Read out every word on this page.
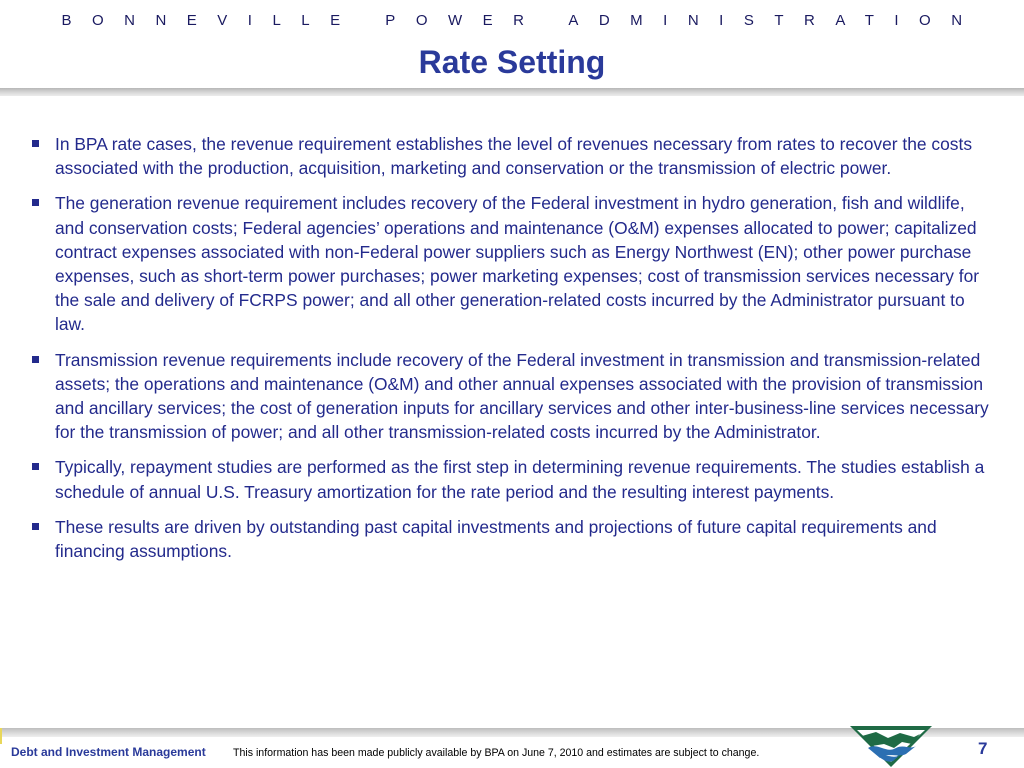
BONNEVILLE POWER ADMINISTRATION
Rate Setting
In BPA rate cases, the revenue requirement establishes the level of revenues necessary from rates to recover the costs associated with the production, acquisition, marketing and conservation or the transmission of electric power.
The generation revenue requirement includes recovery of the Federal investment in hydro generation, fish and wildlife, and conservation costs; Federal agencies’ operations and maintenance (O&M) expenses allocated to power; capitalized contract expenses associated with non-Federal power suppliers such as Energy Northwest (EN); other power purchase expenses, such as short-term power purchases; power marketing expenses; cost of transmission services necessary for the sale and delivery of FCRPS power; and all other generation-related costs incurred by the Administrator pursuant to law.
Transmission revenue requirements include recovery of the Federal investment in transmission and transmission-related assets; the operations and maintenance (O&M) and other annual expenses associated with the provision of transmission and ancillary services; the cost of generation inputs for ancillary services and other inter-business-line services necessary for the transmission of power; and all other transmission-related costs incurred by the Administrator.
Typically, repayment studies are performed as the first step in determining revenue requirements. The studies establish a schedule of annual U.S. Treasury amortization for the rate period and the resulting interest payments.
These results are driven by outstanding past capital investments and projections of future capital requirements and financing assumptions.
Debt and Investment Management	This information has been made publicly available by BPA on June 7, 2010 and estimates are subject to change.	7
